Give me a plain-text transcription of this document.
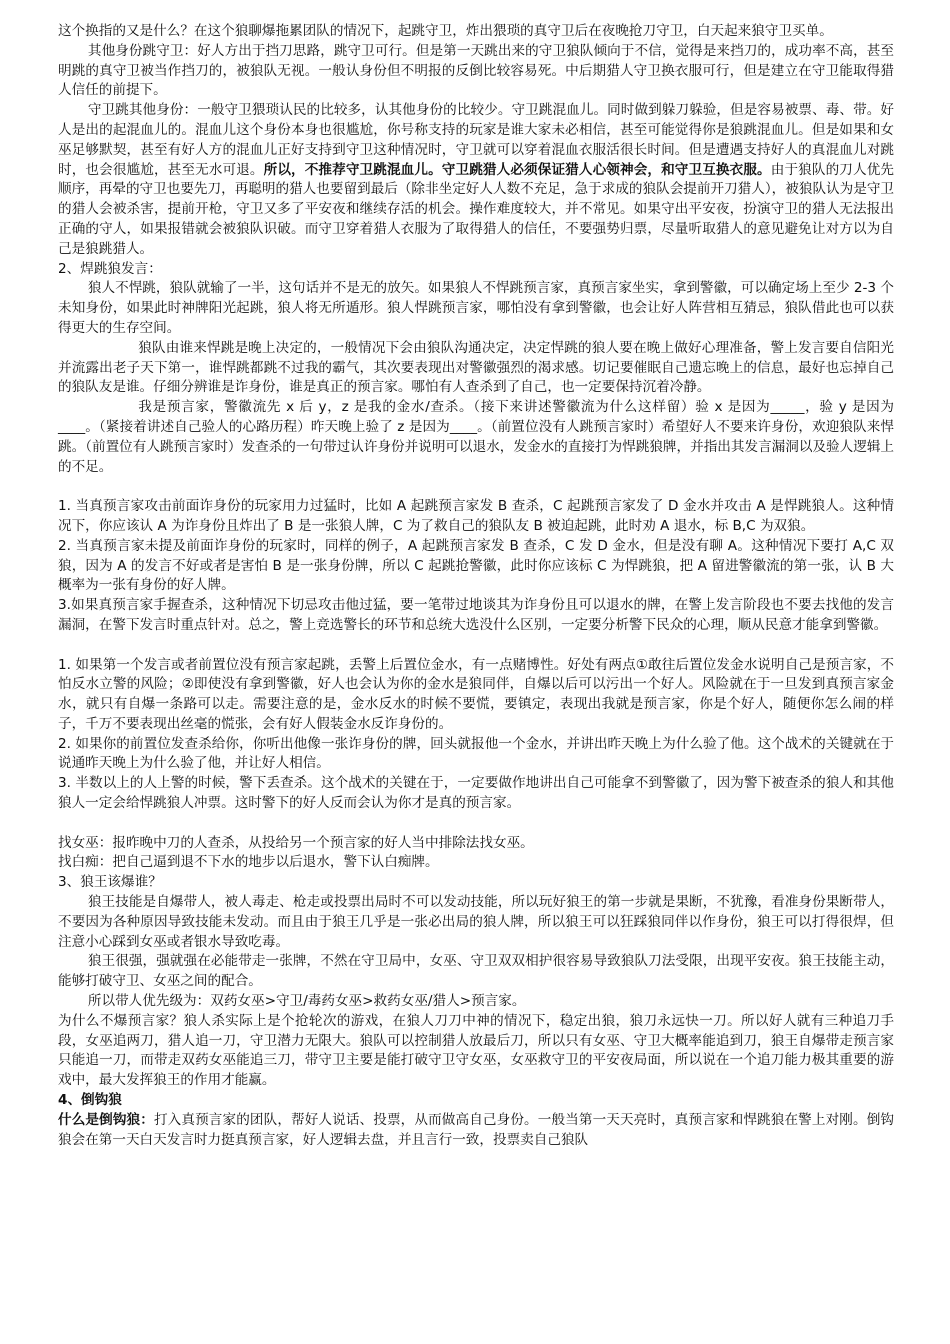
这个换指的又是什么？在这个狼聊爆拖累团队的情况下，起跳守卫，炸出猥琐的真守卫后在夜晚抢刀守卫，白天起来狼守卫买单。

其他身份跳守卫：好人方出于挡刀思路，跳守卫可行。但是第一天跳出来的守卫狼队倾向于不信，觉得是来挡刀的，成功率不高，甚至明跳的真守卫被当作挡刀的，被狼队无视。一般认身份但不明报的反倒比较容易死。中后期猎人守卫换衣服可行，但是建立在守卫能取得猎人信任的前提下。

守卫跳其他身份：一般守卫猥琐认民的比较多，认其他身份的比较少。守卫跳混血儿。同时做到躲刀躲验，但是容易被票、毒、带。好人是出的起混血儿的。混血儿这个身份本身也很尴尬，你号称支持的玩家是谁大家未必相信，甚至可能觉得你是狼跳混血儿。但是如果和女巫足够默契，甚至有好人方的混血儿正好支持到守卫这种情况时，守卫就可以穿着混血衣服活很长时间。但是遭遇支持好人的真混血儿对跳时，也会很尴尬，甚至无水可退。所以，不推荐守卫跳混血儿。守卫跳猎人必须保证猎人心领神会，和守卫互换衣服。由于狼队的刀人优先顺序，再晕的守卫也要先刀，再聪明的猎人也要留到最后（除非坐定好人人数不充足，急于求成的狼队会提前开刀猎人），被狼队认为是守卫的猎人会被杀害，提前开枪，守卫又多了平安夜和继续存活的机会。操作难度较大，并不常见。如果守出平安夜，扮演守卫的猎人无法报出正确的守人，如果报错就会被狼队识破。而守卫穿着猎人衣服为了取得猎人的信任，不要强势归票，尽量听取猎人的意见避免让对方以为自己是狼跳猎人。

2、焊跳狼发言：

狼人不悍跳，狼队就输了一半，这句话并不是无的放矢。如果狼人不悍跳预言家，真预言家坐实，拿到警徽，可以确定场上至少 2-3 个未知身份，如果此时神牌阳光起跳，狼人将无所遁形。狼人悍跳预言家，哪怕没有拿到警徽，也会让好人阵营相互猜忌，狼队借此也可以获得更大的生存空间。

狼队由谁来悍跳是晚上决定的，一般情况下会由狼队沟通决定，决定悍跳的狼人要在晚上做好心理准备，警上发言要自信阳光并流露出老子天下第一，谁悍跳都跳不过我的霸气，其次要表现出对警徽强烈的渴求感。切记要催眠自己遗忘晚上的信息，最好也忘掉自己的狼队友是谁。仔细分辨谁是诈身份，谁是真正的预言家。哪怕有人查杀到了自己，也一定要保持沉着冷静。

我是预言家，警徽流先 x 后 y，z 是我的金水/查杀。（接下来讲述警徽流为什么这样留）验 x 是因为_____，验 y 是因为____。（紧接着讲述自己验人的心路历程）昨天晚上验了 z 是因为____。（前置位没有人跳预言家时）希望好人不要来许身份，欢迎狼队来悍跳。（前置位有人跳预言家时）发查杀的一句带过认许身份并说明可以退水，发金水的直接打为悍跳狼牌，并指出其发言漏洞以及验人逻辑上的不足。

1. 当真预言家攻击前面诈身份的玩家用力过猛时，比如 A 起跳预言家发 B 查杀，C 起跳预言家发了 D 金水并攻击 A 是悍跳狼人。这种情况下，你应该认 A 为诈身份且炸出了 B 是一张狼人牌，C 为了救自己的狼队友 B 被迫起跳，此时劝 A 退水，标 B,C 为双狼。

2. 当真预言家未提及前面诈身份的玩家时，同样的例子，A 起跳预言家发 B 查杀，C 发 D 金水，但是没有聊 A。这种情况下要打 A,C 双狼，因为 A 的发言不好或者是害怕 B 是一张身份牌，所以 C 起跳抢警徽，此时你应该标 C 为悍跳狼，把 A 留进警徽流的第一张，认 B 大概率为一张有身份的好人牌。

3.如果真预言家手握查杀，这种情况下切忌攻击他过猛，要一笔带过地谈其为诈身份且可以退水的牌，在警上发言阶段也不要去找他的发言漏洞，在警下发言时重点针对。总之，警上竞选警长的环节和总统大选没什么区别，一定要分析警下民众的心理，顺从民意才能拿到警徽。

1. 如果第一个发言或者前置位没有预言家起跳，丢警上后置位金水，有一点赌博性。好处有两点①敢往后置位发金水说明自己是预言家，不怕反水立警的风险；②即使没有拿到警徽，好人也会认为你的金水是狼同伴，自爆以后可以污出一个好人。风险就在于一旦发到真预言家金水，就只有自爆一条路可以走。需要注意的是，金水反水的时候不要慌，要镇定，表现出我就是预言家，你是个好人，随便你怎么闹的样子，千万不要表现出丝毫的慌张，会有好人假装金水反诈身份的。

2. 如果你的前置位发查杀给你，你听出他像一张诈身份的牌，回头就报他一个金水，并讲出昨天晚上为什么验了他。这个战术的关键就在于说通昨天晚上为什么验了他，并让好人相信。

3. 半数以上的人上警的时候，警下丢查杀。这个战术的关键在于，一定要做作地讲出自己可能拿不到警徽了，因为警下被查杀的狼人和其他狼人一定会给悍跳狼人冲票。这时警下的好人反而会认为你才是真的预言家。

找女巫：报昨晚中刀的人查杀，从投给另一个预言家的好人当中排除法找女巫。

找白痴：把自己逼到退不下水的地步以后退水，警下认白痴牌。

3、狼王该爆谁？

狼王技能是自爆带人，被人毒走、枪走或投票出局时不可以发动技能，所以玩好狼王的第一步就是果断，不犹豫，看准身份果断带人，不要因为各种原因导致技能未发动。而且由于狼王几乎是一张必出局的狼人牌，所以狼王可以狂踩狼同伴以作身份，狼王可以打得很焊，但注意小心踩到女巫或者银水导致吃毒。

狼王很强，强就强在必能带走一张牌，不然在守卫局中，女巫、守卫双双相护很容易导致狼队刀法受限，出现平安夜。狼王技能主动，能够打破守卫、女巫之间的配合。

所以带人优先级为：双药女巫>守卫/毒药女巫>救药女巫/猎人>预言家。

为什么不爆预言家？狼人杀实际上是个抢轮次的游戏，在狼人刀刀中神的情况下，稳定出狼，狼刀永远快一刀。所以好人就有三种追刀手段，女巫追两刀，猎人追一刀，守卫潜力无限大。狼队可以控制猎人放最后刀，所以只有女巫、守卫大概率能追到刀，狼王自爆带走预言家只能追一刀，而带走双药女巫能追三刀，带守卫主要是能打破守卫守女巫，女巫救守卫的平安夜局面，所以说在一个追刀能力极其重要的游戏中，最大发挥狼王的作用才能赢。

4、倒钩狼

什么是倒钩狼：打入真预言家的团队，帮好人说话、投票，从而做高自己身份。一般当第一天天亮时，真预言家和悍跳狼在警上对刚。倒钩狼会在第一天白天发言时力挺真预言家，好人逻辑去盘，并且言行一致，投票卖自己狼队
